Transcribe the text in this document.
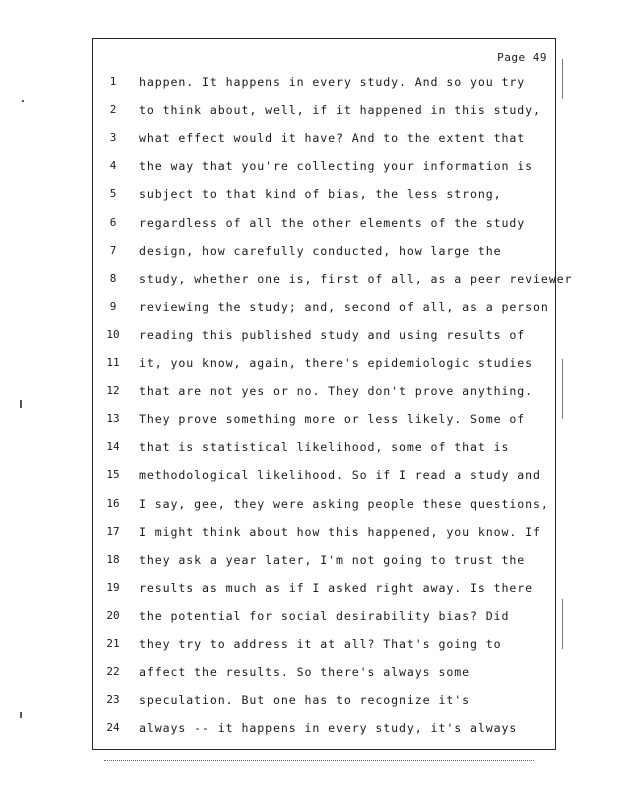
Page 49
1	happen. It happens in every study. And so you try
2	to think about, well, if it happened in this study,
3	what effect would it have? And to the extent that
4	the way that you're collecting your information is
5	subject to that kind of bias, the less strong,
6	regardless of all the other elements of the study
7	design, how carefully conducted, how large the
8	study, whether one is, first of all, as a peer reviewer
9	reviewing the study; and, second of all, as a person
10	reading this published study and using results of
11	it, you know, again, there's epidemiologic studies
12	that are not yes or no. They don't prove anything.
13	They prove something more or less likely. Some of
14	that is statistical likelihood, some of that is
15	methodological likelihood. So if I read a study and
16	I say, gee, they were asking people these questions,
17	I might think about how this happened, you know. If
18	they ask a year later, I'm not going to trust the
19	results as much as if I asked right away. Is there
20	the potential for social desirability bias? Did
21	they try to address it at all? That's going to
22	affect the results. So there's always some
23	speculation. But one has to recognize it's
24	always -- it happens in every study, it's always
